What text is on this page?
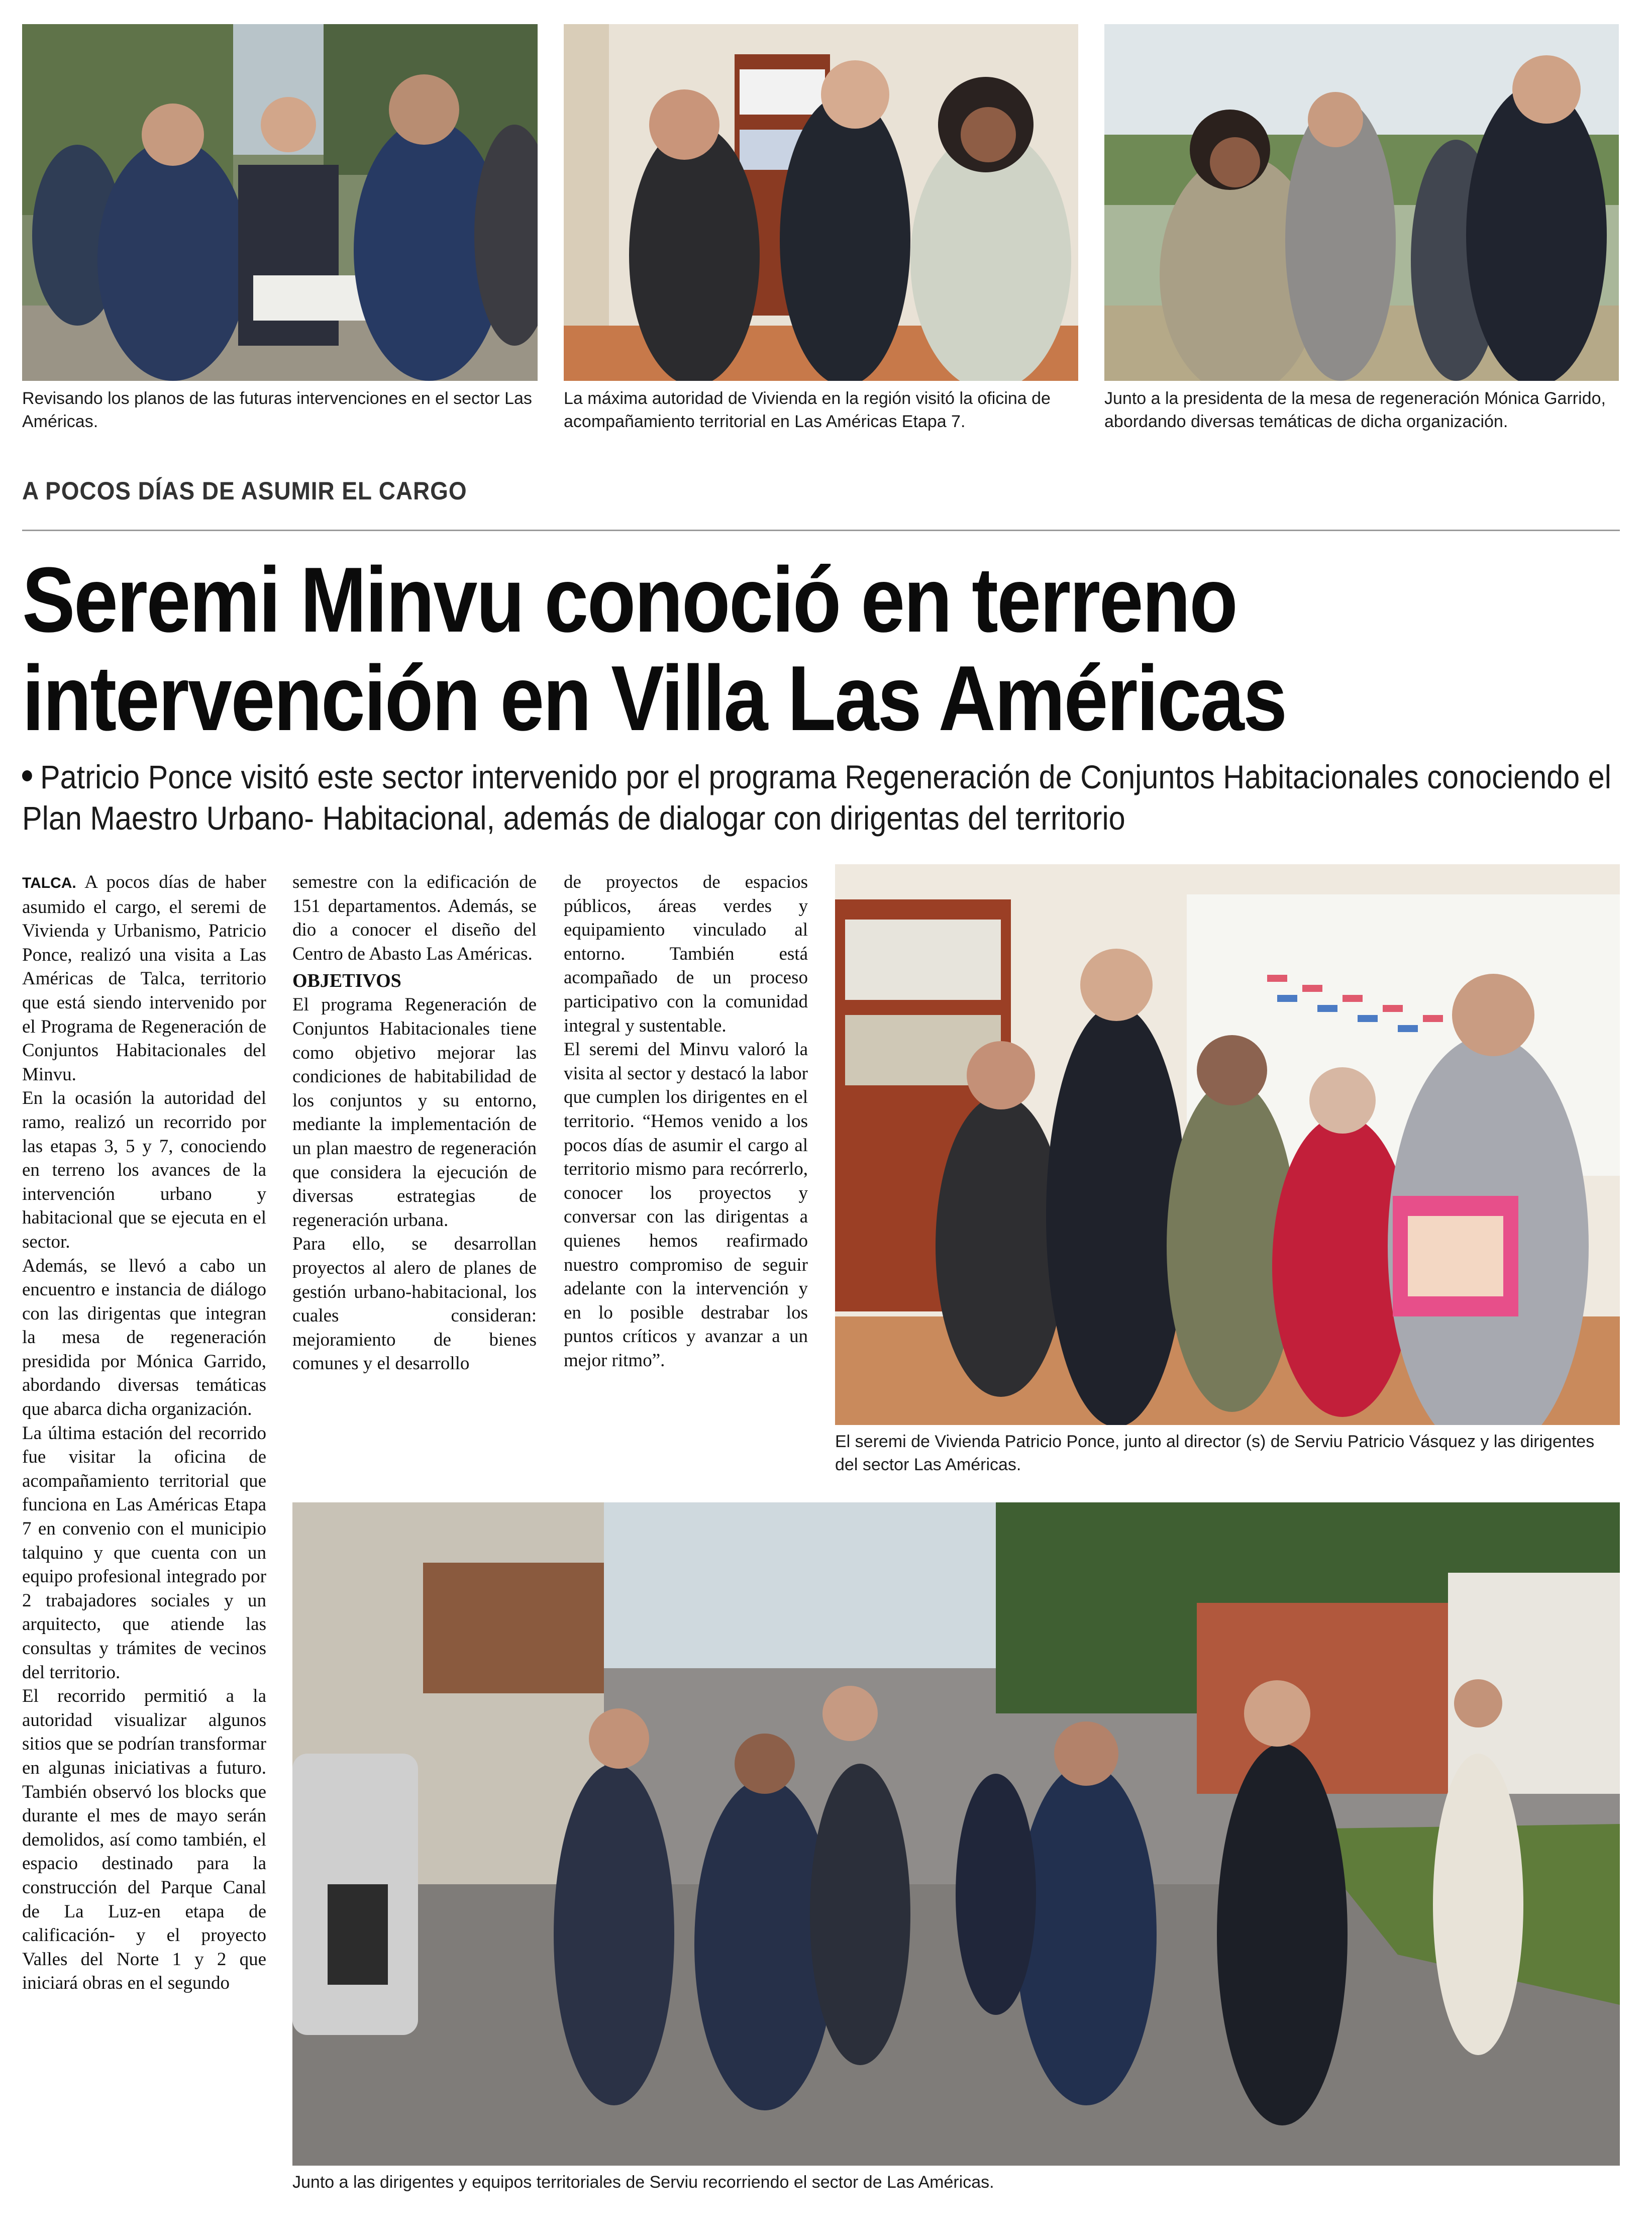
Revisando los planos de las futuras intervenciones en el sector Las Américas.
La máxima autoridad de Vivienda en la región visitó la oficina de acompañamiento territorial en Las Américas Etapa 7.
Junto a la presidenta de la mesa de regeneración Mónica Garrido, abordando diversas temáticas de dicha organización.
A POCOS DÍAS DE ASUMIR EL CARGO
Seremi Minvu conoció en terreno
intervención en Villa Las Américas
Patricio Ponce visitó este sector intervenido por el programa Regeneración de Conjuntos Habitacionales conociendo el Plan Maestro Urbano- Habitacional, además de dialogar con dirigentas del territorio

TALCA. A pocos días de haber asumido el cargo, el seremi de Vivienda y Urbanismo, Patricio Ponce, realizó una visita a Las Américas de Talca, territorio que está siendo intervenido por el Programa de Regeneración de Conjuntos Habitacionales del Minvu.

En la ocasión la autoridad del ramo, realizó un recorrido por las etapas 3, 5 y 7, conociendo en terreno los avances de la intervención urbano y habitacional que se ejecuta en el sector.

Además, se llevó a cabo un encuentro e instancia de diálogo con las dirigentas que integran la mesa de regeneración presidida por Mónica Garrido, abordando diversas temáticas que abarca dicha organización.

La última estación del recorrido fue visitar la oficina de acompañamiento territorial que funciona en Las Américas Etapa 7 en convenio con el municipio talquino y que cuenta con un equipo profesional integrado por 2 trabajadores sociales y un arquitecto, que atiende las consultas y trámites de vecinos del territorio.

El recorrido permitió a la autoridad visualizar algunos sitios que se podrían transformar en algunas iniciativas a futuro. También observó los blocks que durante el mes de mayo serán demolidos, así como también, el espacio destinado para la construcción del Parque Canal de La Luz-en etapa de calificación- y el proyecto Valles del Norte 1 y 2 que iniciará obras en el segundo

semestre con la edificación de 151 departamentos. Además, se dio a conocer el diseño del Centro de Abasto Las Américas.

OBJETIVOS

El programa Regeneración de Conjuntos Habitacionales tiene como objetivo mejorar las condiciones de habitabilidad de los conjuntos y su entorno, mediante la implementación de un plan maestro de regeneración que considera la ejecución de diversas estrategias de regeneración urbana.

Para ello, se desarrollan proyectos al alero de planes de gestión urbano-habitacional, los cuales consideran: mejoramiento de bienes comunes y el desarrollo

de proyectos de espacios públicos, áreas verdes y equipamiento vinculado al entorno. También está acompañado de un proceso participativo con la comunidad integral y sustentable.

El seremi del Minvu valoró la visita al sector y destacó la labor que cumplen los dirigentes en el territorio. “Hemos venido a los pocos días de asumir el cargo al territorio mismo para recórrerlo, conocer los proyectos y conversar con las dirigentas a quienes hemos reafirmado nuestro compromiso de seguir adelante con la intervención y en lo posible destrabar los puntos críticos y avanzar a un mejor ritmo”.

El seremi de Vivienda Patricio Ponce, junto al director (s) de Serviu Patricio Vásquez y las dirigentes del sector Las Américas.
Junto a las dirigentes y equipos territoriales de Serviu recorriendo el sector de Las Américas.
